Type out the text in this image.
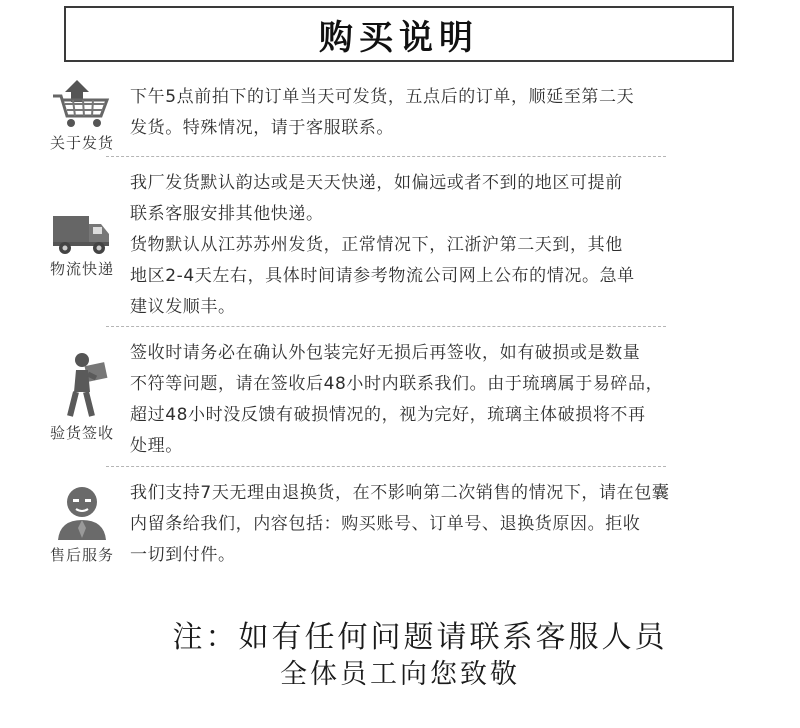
购买说明
关于发货

下午5点前拍下的订单当天可发货，五点后的订单，顺延至第二天

发货。特殊情况，请于客服联系。

物流快递

我厂发货默认韵达或是天天快递，如偏远或者不到的地区可提前

联系客服安排其他快递。

货物默认从江苏苏州发货，正常情况下，江浙沪第二天到，其他

地区2-4天左右，具体时间请参考物流公司网上公布的情况。急单

建议发顺丰。

验货签收

签收时请务必在确认外包装完好无损后再签收，如有破损或是数量

不符等问题，请在签收后48小时内联系我们。由于琉璃属于易碎品，

超过48小时没反馈有破损情况的，视为完好，琉璃主体破损将不再

处理。

售后服务

我们支持7天无理由退换货，在不影响第二次销售的情况下，请在包囊

内留条给我们，内容包括：购买账号、订单号、退换货原因。拒收

一切到付件。

注：如有任何问题请联系客服人员
全体员工向您致敬
